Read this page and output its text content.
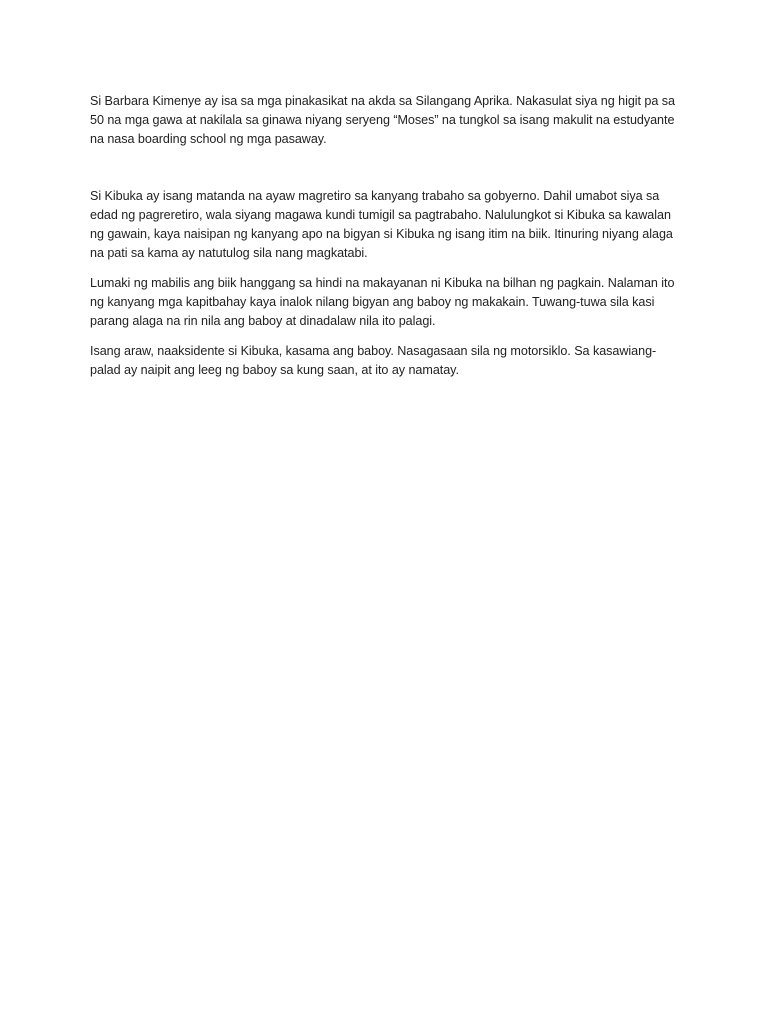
Si Barbara Kimenye ay isa sa mga pinakasikat na akda sa Silangang Aprika. Nakasulat siya ng higit pa sa 50 na mga gawa at nakilala sa ginawa niyang seryeng “Moses” na tungkol sa isang makulit na estudyante na nasa boarding school ng mga pasaway.

Si Kibuka ay isang matanda na ayaw magretiro sa kanyang trabaho sa gobyerno. Dahil umabot siya sa edad ng pagreretiro, wala siyang magawa kundi tumigil sa pagtrabaho. Nalulungkot si Kibuka sa kawalan ng gawain, kaya naisipan ng kanyang apo na bigyan si Kibuka ng isang itim na biik. Itinuring niyang alaga na pati sa kama ay natutulog sila nang magkatabi.

Lumaki ng mabilis ang biik hanggang sa hindi na makayanan ni Kibuka na bilhan ng pagkain. Nalaman ito ng kanyang mga kapitbahay kaya inalok nilang bigyan ang baboy ng makakain. Tuwang-tuwa sila kasi parang alaga na rin nila ang baboy at dinadalaw nila ito palagi.

Isang araw, naaksidente si Kibuka, kasama ang baboy. Nasagasaan sila ng motorsiklo. Sa kasawiang-palad ay naipit ang leeg ng baboy sa kung saan, at ito ay namatay.
